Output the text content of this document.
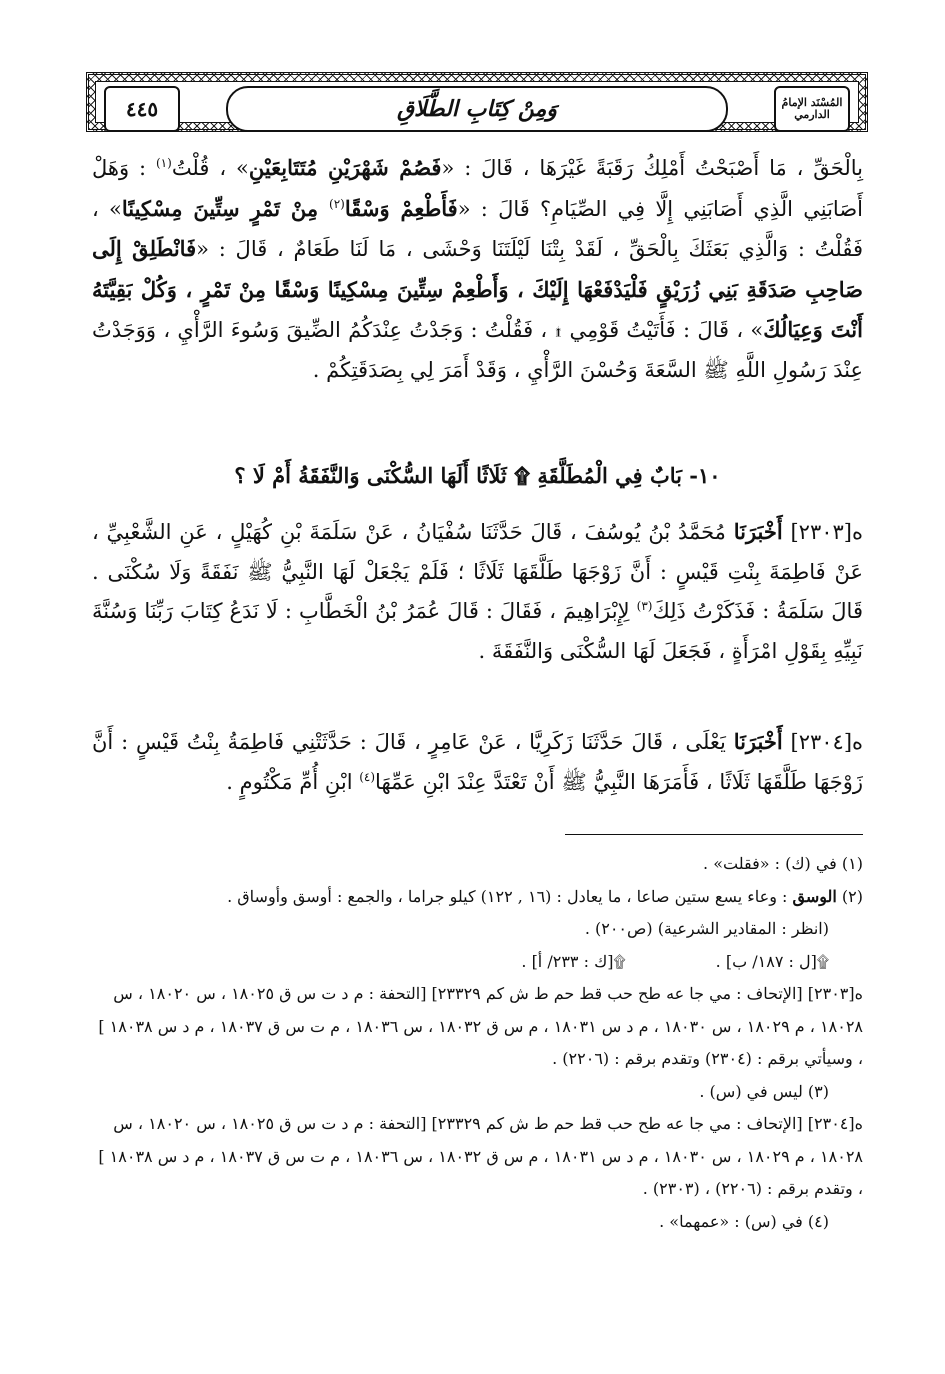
المُسْنَد الإمامُ الدارمي
وَمِنْ كِتَابِ الطَّلَاقِ
٤٤٥

بِالْحَقِّ ، مَا أَصْبَحْتُ أَمْلِكُ رَقَبَةً غَيْرَهَا ، قَالَ : «فَصُمْ شَهْرَيْنِ مُتَتَابِعَيْنِ» ، قُلْتُ$^{(١)}$ : وَهَلْ أَصَابَنِي الَّذِي أَصَابَنِي إِلَّا فِي الصِّيَامِ؟ قَالَ : «فَأَطْعِمْ وَسْقًا$^{(٢)}$ مِنْ تَمْرٍ سِتِّينَ مِسْكِينًا» ، فَقُلْتُ : وَالَّذِي بَعَثَكَ بِالْحَقِّ ، لَقَدْ بِتْنَا لَيْلَتَنَا وَحْشَى ، مَا لَنَا طَعَامٌ ، قَالَ : «فَانْطَلِقْ إِلَى صَاحِبِ صَدَقَةِ بَنِي زُرَيْقٍ فَلْيَدْفَعْهَا إِلَيْكَ ، وَأَطْعِمْ سِتِّينَ مِسْكِينًا وَسْقًا مِنْ تَمْرٍ ، وَكُلْ بَقِيَّتَهُ أَنْتَ وَعِيَالُكَ» ، قَالَ : فَأَتَيْتُ قَوْمِي ۩ ، فَقُلْتُ : وَجَدْتُ عِنْدَكُمُ الضِّيقَ وَسُوءَ الرَّأْيِ ، وَوَجَدْتُ عِنْدَ رَسُولِ اللَّهِ ﷺ السَّعَةَ وَحُسْنَ الرَّأْيِ ، وَقَدْ أَمَرَ لِي بِصَدَقَتِكُمْ .

١٠- بَابٌ فِي الْمُطَلَّقَةِ ۩ ثَلَاثًا أَلَهَا السُّكْنَى وَالنَّفَقَةُ أَمْ لَا ؟

ه[٢٣٠٣] أَخْبَرَنَا مُحَمَّدُ بْنُ يُوسُفَ ، قَالَ حَدَّثَنَا سُفْيَانُ ، عَنْ سَلَمَةَ بْنِ كُهَيْلٍ ، عَنِ الشَّعْبِيِّ ، عَنْ فَاطِمَةَ بِنْتِ قَيْسٍ : أَنَّ زَوْجَهَا طَلَّقَهَا ثَلَاثًا ؛ فَلَمْ يَجْعَلْ لَهَا النَّبِيُّ ﷺ نَفَقَةً وَلَا سُكْنَى . قَالَ سَلَمَةُ : فَذَكَرْتُ ذَلِكَ$^{(٣)}$ لِإِبْرَاهِيمَ ، فَقَالَ : قَالَ عُمَرُ بْنُ الْخَطَّابِ : لَا نَدَعُ كِتَابَ رَبِّنَا وَسُنَّةَ نَبِيِّهِ بِقَوْلِ امْرَأَةٍ ، فَجَعَلَ لَهَا السُّكْنَى وَالنَّفَقَةَ .

ه[٢٣٠٤] أَخْبَرَنَا يَعْلَى ، قَالَ حَدَّثَنَا زَكَرِيَّا ، عَنْ عَامِرٍ ، قَالَ : حَدَّثَتْنِي فَاطِمَةُ بِنْتُ قَيْسٍ : أَنَّ زَوْجَهَا طَلَّقَهَا ثَلَاثًا ، فَأَمَرَهَا النَّبِيُّ ﷺ أَنْ تَعْتَدَّ عِنْدَ ابْنِ عَمِّهَا$^{(٤)}$ ابْنِ أُمِّ مَكْتُومٍ .

(١) في (ك) : «فقلت» .

(٢) الوسق : وعاء يسع ستين صاعا ، ما يعادل : (١٦ , ١٢٢) كيلو جراما ، والجمع : أوسق وأوساق .

(انظر : المقادير الشرعية) (ص٢٠٠) .

۩[ل : ١٨٧/ ب] .۩[ك : ٢٣٣/ أ] .

ه[٢٣٠٣] [الإتحاف : مي جا عه طح حب قط حم ط ش كم ٢٣٣٢٩] [التحفة : م د ت س ق ١٨٠٢٥ ، س ١٨٠٢٠ ، س ١٨٠٢٨ ، م ١٨٠٢٩ ، س ١٨٠٣٠ ، م د س ١٨٠٣١ ، م س ق ١٨٠٣٢ ، س ١٨٠٣٦ ، م ت س ق ١٨٠٣٧ ، م د س ١٨٠٣٨ ] ، وسيأتي برقم : (٢٣٠٤) وتقدم برقم : (٢٢٠٦) .

(٣) ليس في (س) .

ه[٢٣٠٤] [الإتحاف : مي جا عه طح حب قط حم ط ش كم ٢٣٣٢٩] [التحفة : م د ت س ق ١٨٠٢٥ ، س ١٨٠٢٠ ، س ١٨٠٢٨ ، م ١٨٠٢٩ ، س ١٨٠٣٠ ، م د س ١٨٠٣١ ، م س ق ١٨٠٣٢ ، س ١٨٠٣٦ ، م ت س ق ١٨٠٣٧ ، م د س ١٨٠٣٨ ] ، وتقدم برقم : (٢٢٠٦) ، (٢٣٠٣) .

(٤) في (س) : «عمهما» .
